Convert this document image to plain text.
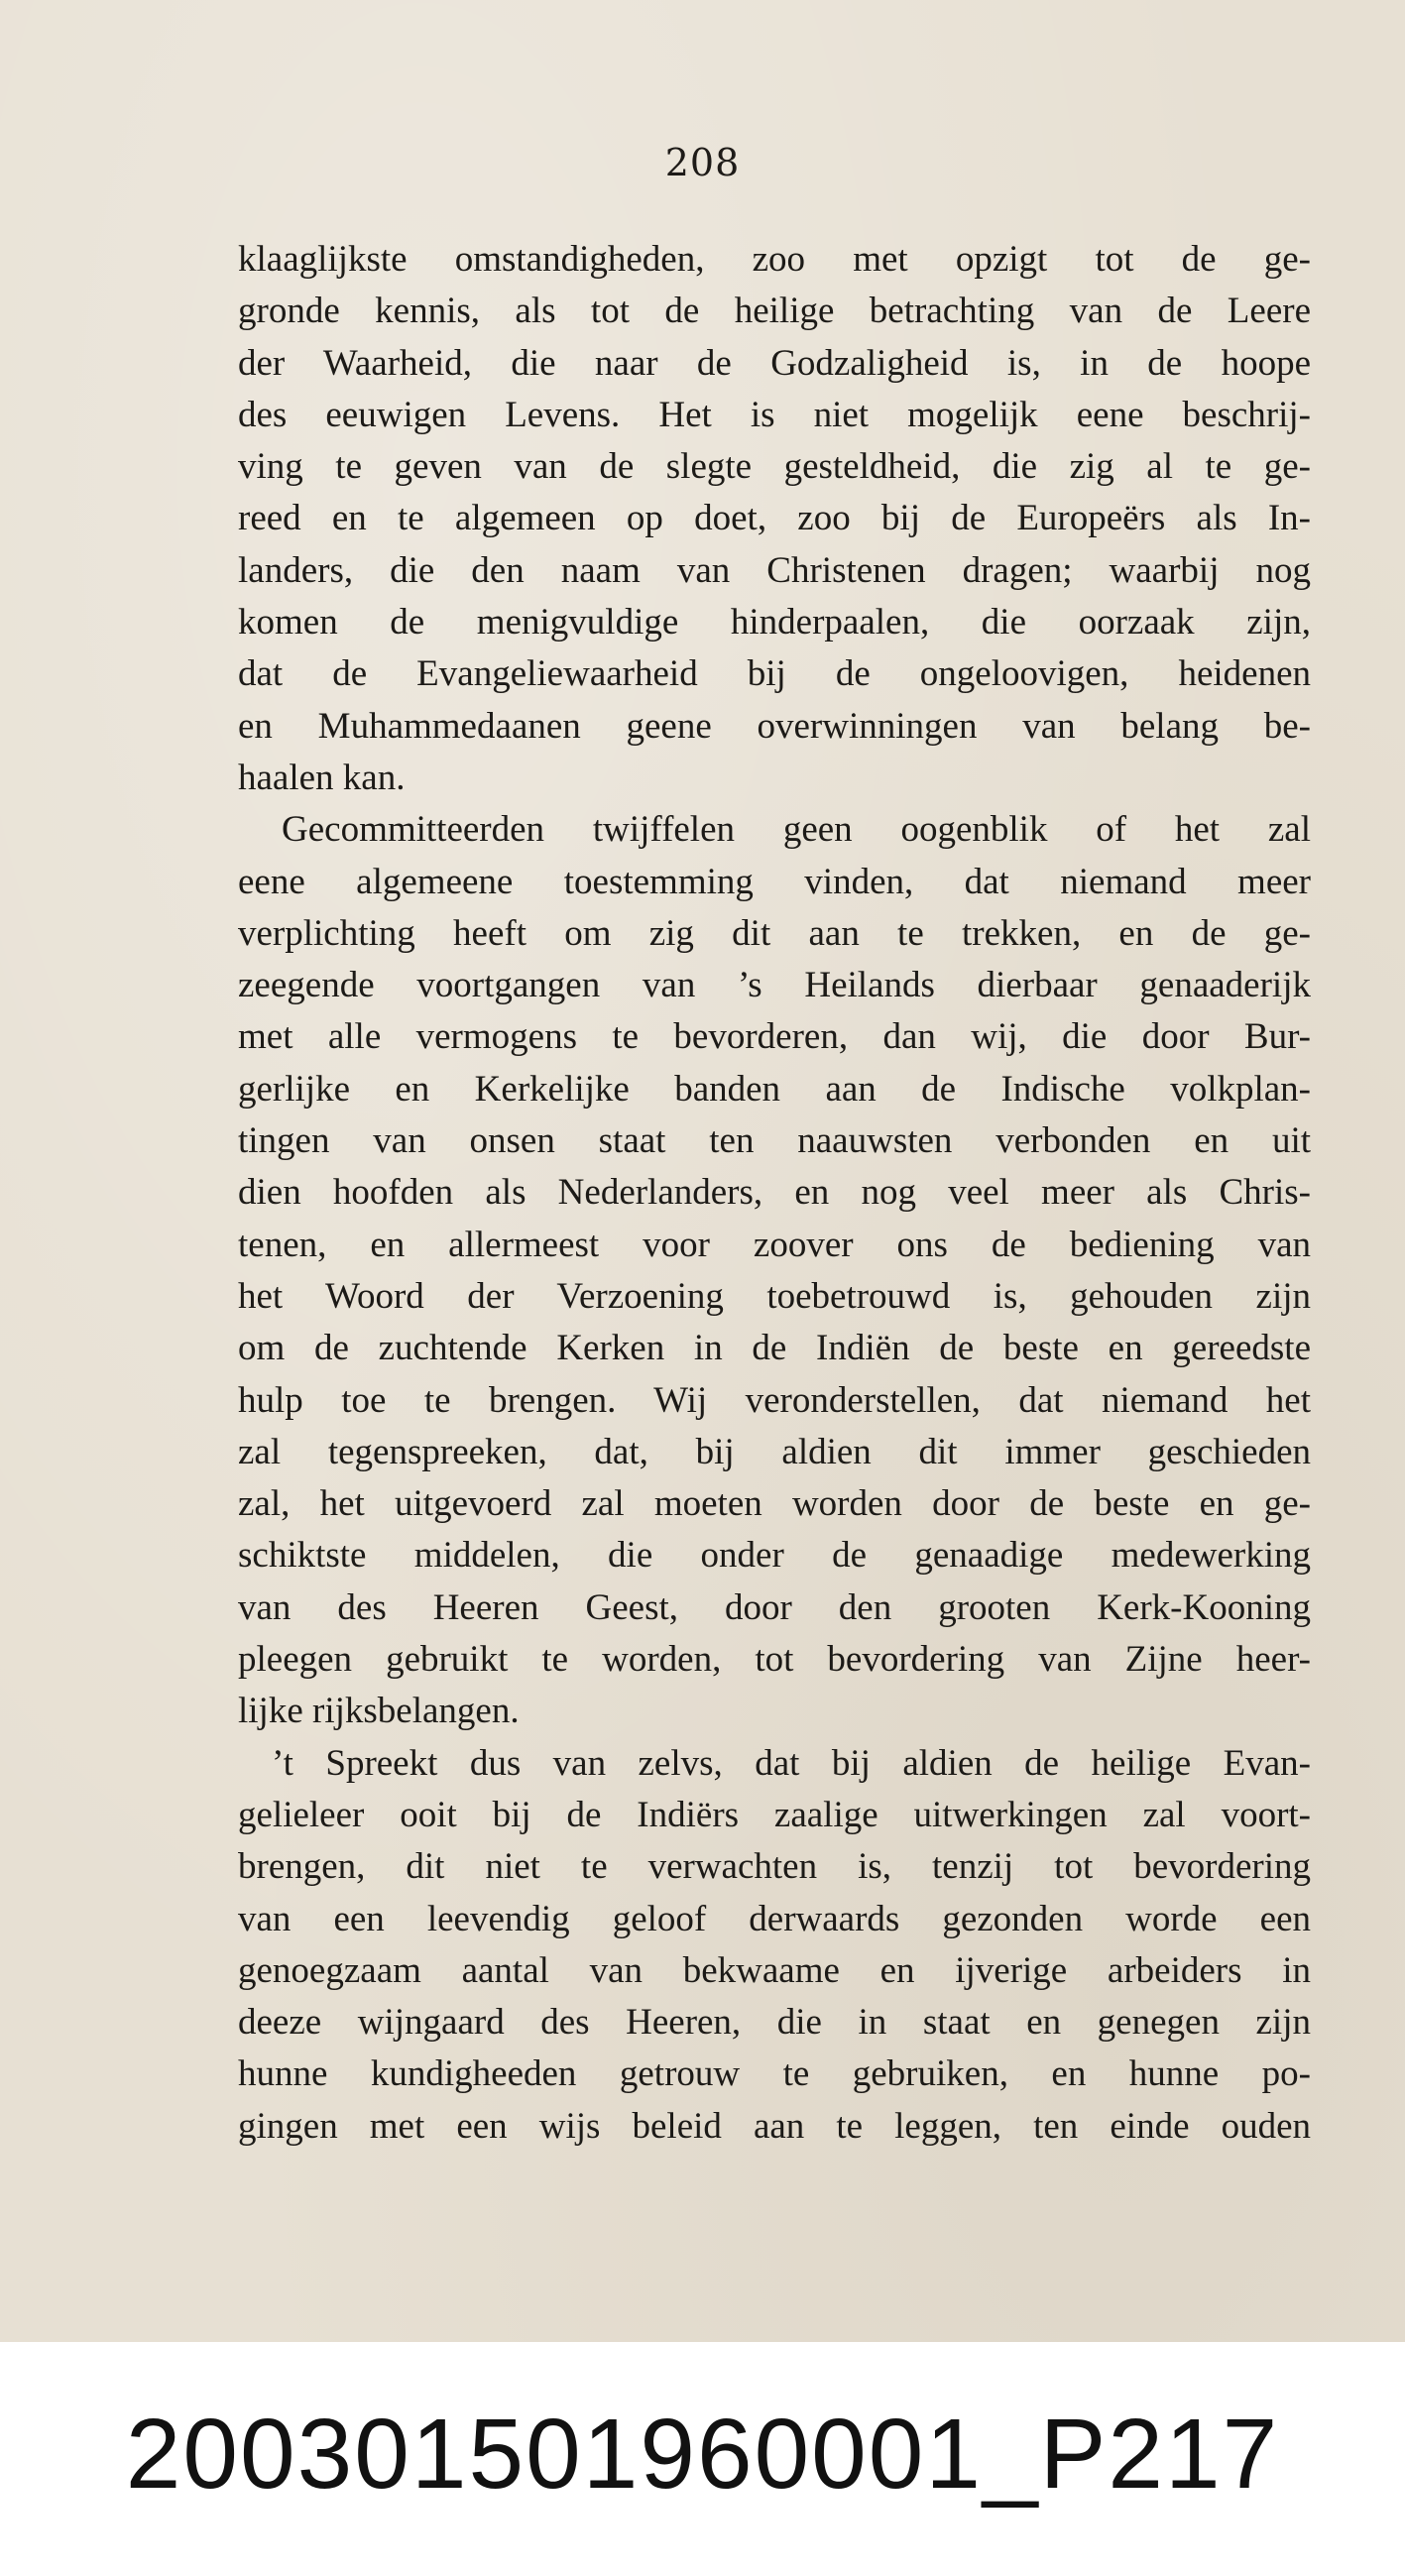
208
klaaglijkste omstandigheden, zoo met opzigt tot de ge-
gronde kennis, als tot de heilige betrachting van de Leere
der Waarheid, die naar de Godzaligheid is, in de hoope
des eeuwigen Levens. Het is niet mogelijk eene beschrij-
ving te geven van de slegte gesteldheid, die zig al te ge-
reed en te algemeen op doet, zoo bij de Europeërs als In-
landers, die den naam van Christenen dragen; waarbij nog
komen de menigvuldige hinderpaalen, die oorzaak zijn,
dat de Evangeliewaarheid bij de ongeloovigen, heidenen
en Muhammedaanen geene overwinningen van belang be-
haalen kan.
Gecommitteerden twijffelen geen oogenblik of het zal
eene algemeene toestemming vinden, dat niemand meer
verplichting heeft om zig dit aan te trekken, en de ge-
zeegende voortgangen van ’s Heilands dierbaar genaaderijk
met alle vermogens te bevorderen, dan wij, die door Bur-
gerlijke en Kerkelijke banden aan de Indische volkplan-
tingen van onsen staat ten naauwsten verbonden en uit
dien hoofden als Nederlanders, en nog veel meer als Chris-
tenen, en allermeest voor zoover ons de bediening van
het Woord der Verzoening toebetrouwd is, gehouden zijn
om de zuchtende Kerken in de Indiën de beste en gereedste
hulp toe te brengen. Wij veronderstellen, dat niemand het
zal tegenspreeken, dat, bij aldien dit immer geschieden
zal, het uitgevoerd zal moeten worden door de beste en ge-
schiktste middelen, die onder de genaadige medewerking
van des Heeren Geest, door den grooten Kerk-Kooning
pleegen gebruikt te worden, tot bevordering van Zijne heer-
lijke rijksbelangen.
’t Spreekt dus van zelvs, dat bij aldien de heilige Evan-
gelieleer ooit bij de Indiërs zaalige uitwerkingen zal voort-
brengen, dit niet te verwachten is, tenzij tot bevordering
van een leevendig geloof derwaards gezonden worde een
genoegzaam aantal van bekwaame en ijverige arbeiders in
deeze wijngaard des Heeren, die in staat en genegen zijn
hunne kundigheeden getrouw te gebruiken, en hunne po-
gingen met een wijs beleid aan te leggen, ten einde ouden
200301501960001_P217
